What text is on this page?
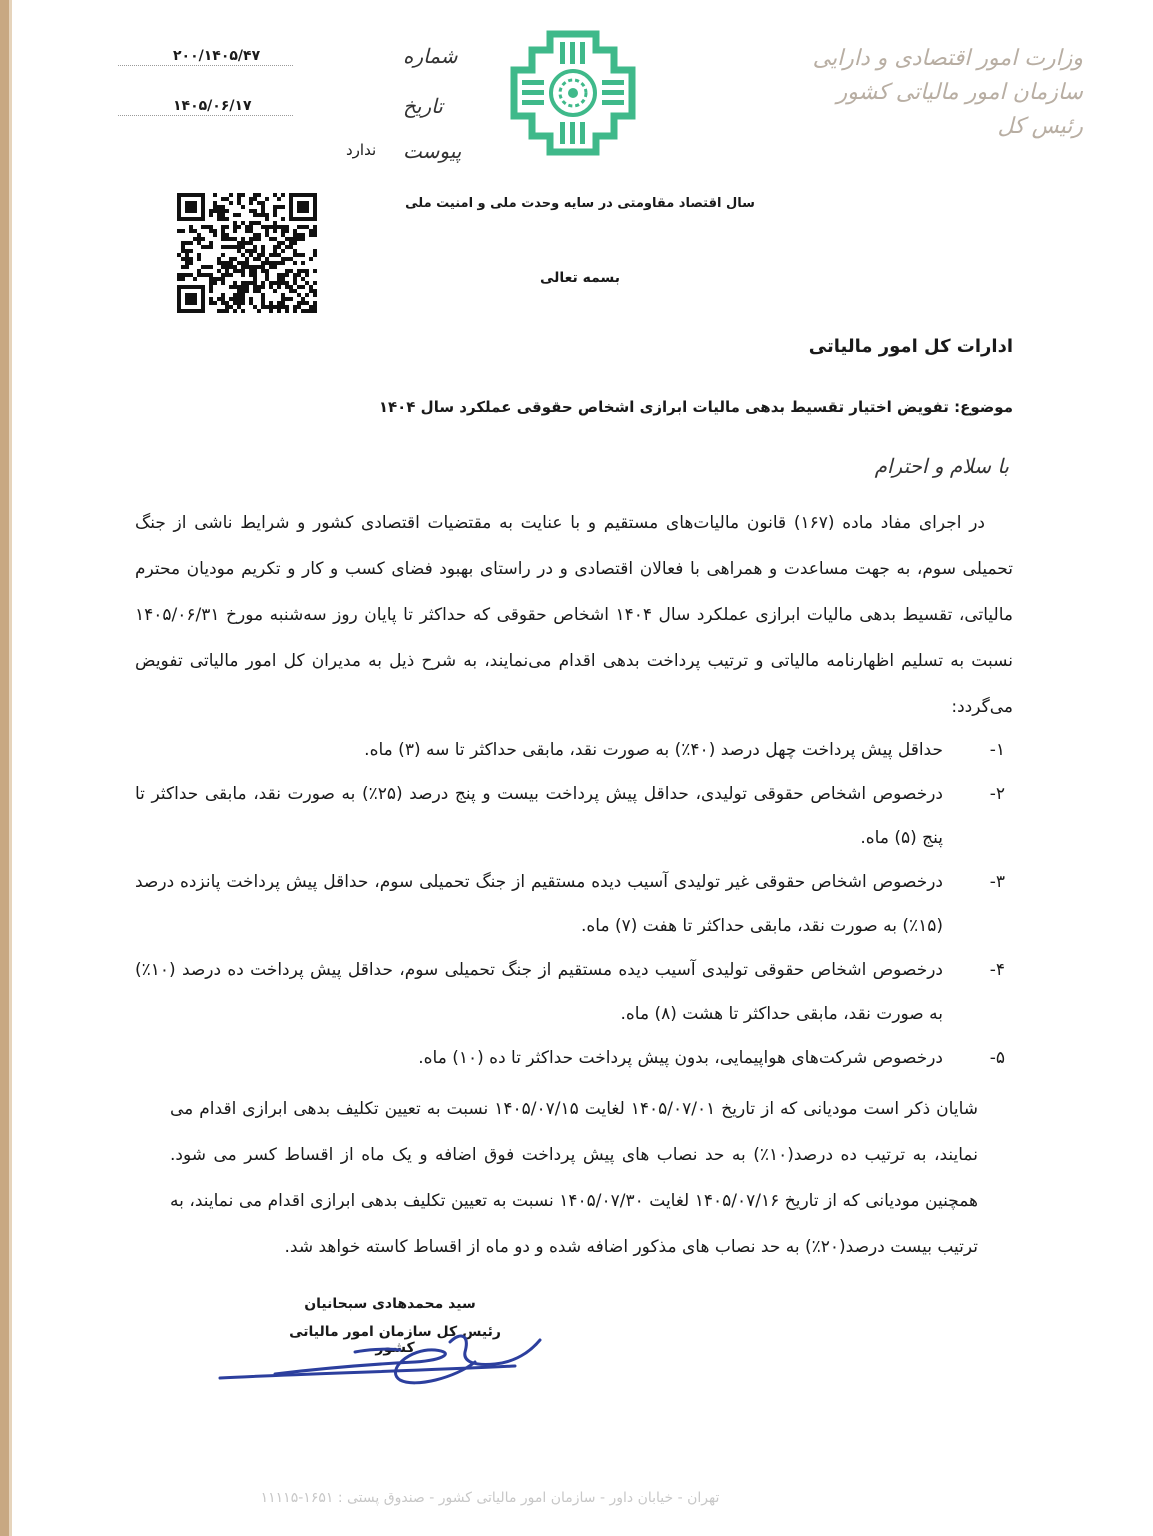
وزارت امور اقتصادی و دارایی
سازمان امور مالیاتی کشور
رئیس کل
۲۰۰/۱۴۰۵/۴۷	شماره
۱۴۰۵/۰۶/۱۷	تاریخ
ندارد پیوست
سال اقتصاد مقاومتی در سایه وحدت ملی و امنیت ملی
بسمه تعالی
ادارات کل امور مالیاتی
موضوع: تفویض اختیار تقسیط بدهی مالیات ابرازی اشخاص حقوقی عملکرد سال ۱۴۰۴
با سلام و احترام

در اجرای مفاد ماده (۱۶۷) قانون مالیات‌های مستقیم و با عنایت به مقتضیات اقتصادی کشور و شرایط ناشی از جنگ تحمیلی سوم، به جهت مساعدت و همراهی با فعالان اقتصادی و در راستای بهبود فضای کسب و کار و تکریم مودیان محترم مالیاتی، تقسیط بدهی مالیات ابرازی عملکرد سال ۱۴۰۴ اشخاص حقوقی که حداکثر تا پایان روز سه‌شنبه مورخ ۱۴۰۵/۰۶/۳۱ نسبت به تسلیم اظهارنامه مالیاتی و ترتیب پرداخت بدهی اقدام می‌نمایند، به شرح ذیل به مدیران کل امور مالیاتی تفویض می‌گردد:

۱-
حداقل پیش پرداخت چهل درصد (۴۰٪) به صورت نقد، مابقی حداکثر تا سه (۳) ماه.
۲-
درخصوص اشخاص حقوقی تولیدی، حداقل پیش پرداخت بیست و پنج درصد (۲۵٪) به صورت نقد، مابقی حداکثر تا پنج (۵) ماه.
۳-
درخصوص اشخاص حقوقی غیر تولیدی آسیب دیده مستقیم از جنگ تحمیلی سوم، حداقل پیش پرداخت پانزده درصد (۱۵٪) به صورت نقد، مابقی حداکثر تا هفت (۷) ماه.
۴-
درخصوص اشخاص حقوقی تولیدی آسیب دیده مستقیم از جنگ تحمیلی سوم، حداقل پیش پرداخت ده درصد (۱۰٪) به صورت نقد، مابقی حداکثر تا هشت (۸) ماه.
۵-
درخصوص شرکت‌های هواپیمایی، بدون پیش پرداخت حداکثر تا ده (۱۰) ماه.

شایان ذکر است مودیانی که از تاریخ ۱۴۰۵/۰۷/۰۱ لغایت ۱۴۰۵/۰۷/۱۵ نسبت به تعیین تکلیف بدهی ابرازی اقدام می نمایند، به ترتیب ده درصد(۱۰٪) به حد نصاب های پیش پرداخت فوق اضافه و یک ماه از اقساط کسر می شود. همچنین مودیانی که از تاریخ ۱۴۰۵/۰۷/۱۶ لغایت ۱۴۰۵/۰۷/۳۰ نسبت به تعیین تکلیف بدهی ابرازی اقدام می نمایند، به ترتیب بیست درصد(۲۰٪) به حد نصاب های مذکور اضافه شده و دو ماه از اقساط کاسته خواهد شد.

سید محمدهادی سبحانیان
رئیس کل سازمان امور مالیاتی کشور
تهران - خیابان داور - سازمان امور مالیاتی کشور - صندوق پستی : ۱۶۵۱-۱۱۱۱۵
